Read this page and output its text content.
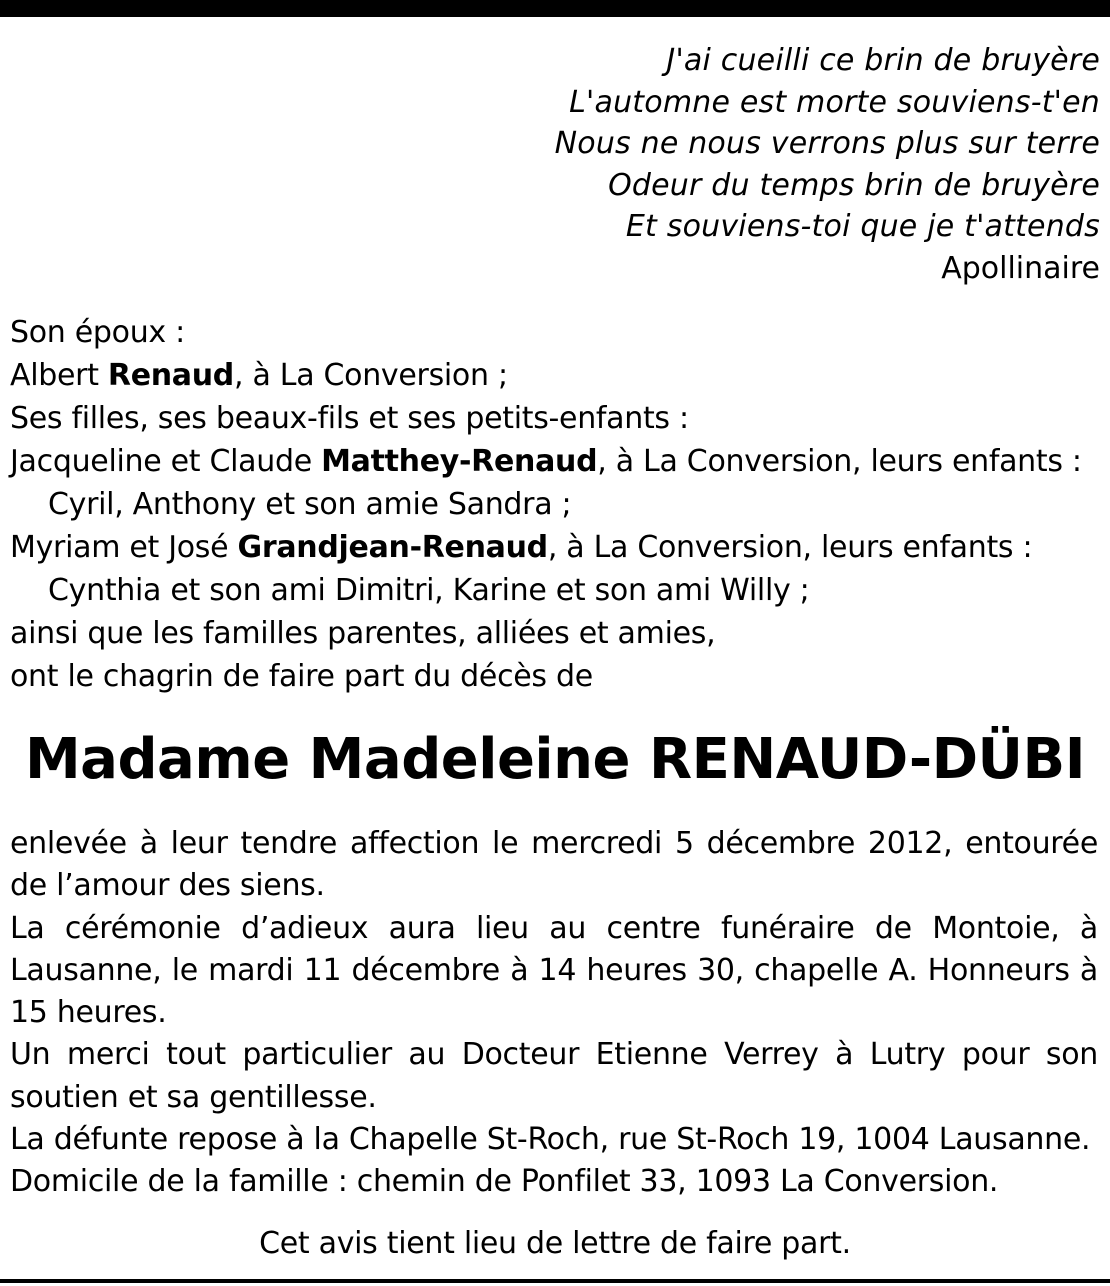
J'ai cueilli ce brin de bruyère
L'automne est morte souviens-t'en
Nous ne nous verrons plus sur terre
Odeur du temps brin de bruyère
Et souviens-toi que je t'attends
Apollinaire
Son époux :
Albert Renaud, à La Conversion ;
Ses filles, ses beaux-fils et ses petits-enfants :
Jacqueline et Claude Matthey-Renaud, à La Conversion, leurs enfants :
Cyril, Anthony et son amie Sandra ;
Myriam et José Grandjean-Renaud, à La Conversion, leurs enfants :
Cynthia et son ami Dimitri, Karine et son ami Willy ;
ainsi que les familles parentes, alliées et amies,
ont le chagrin de faire part du décès de
Madame Madeleine RENAUD-DÜBI
enlevée à leur tendre affection le mercredi 5 décembre 2012, entourée de l’amour des siens.
La cérémonie d’adieux aura lieu au centre funéraire de Montoie, à Lausanne, le mardi 11 décembre à 14 heures 30, chapelle A. Honneurs à 15 heures.
Un merci tout particulier au Docteur Etienne Verrey à Lutry pour son soutien et sa gentillesse.
La défunte repose à la Chapelle St-Roch, rue St-Roch 19, 1004 Lausanne.
Domicile de la famille : chemin de Ponfilet 33, 1093 La Conversion.
Cet avis tient lieu de lettre de faire part.
